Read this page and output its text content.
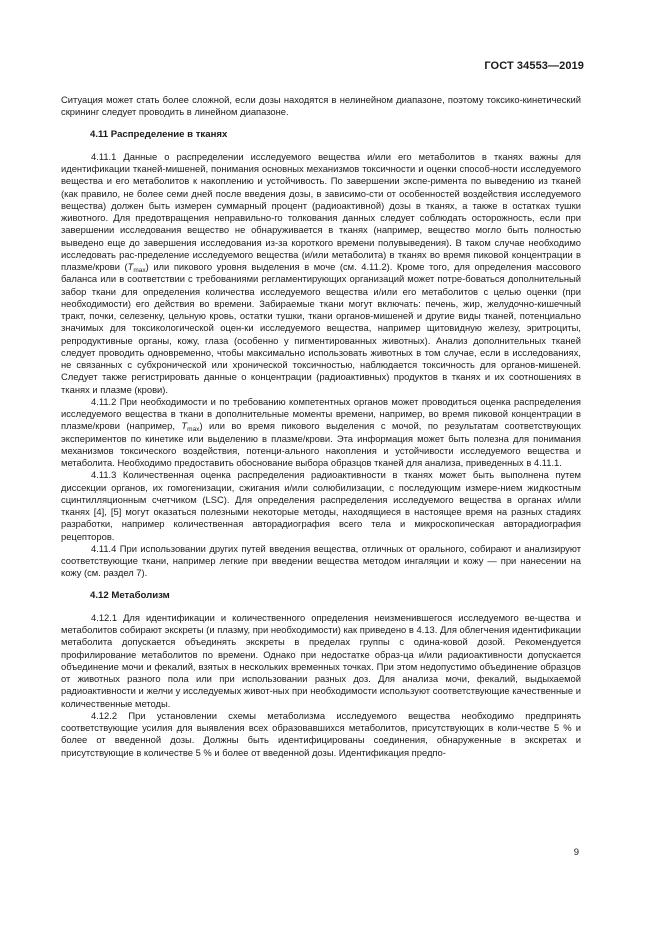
ГОСТ 34553—2019

Ситуация может стать более сложной, если дозы находятся в нелинейном диапазоне, поэтому токсико-кинетический скрининг следует проводить в линейном диапазоне.

4.11 Распределение в тканях

4.11.1 Данные о распределении исследуемого вещества и/или его метаболитов в тканях важны для идентификации тканей-мишеней, понимания основных механизмов токсичности и оценки способ-ности исследуемого вещества и его метаболитов к накоплению и устойчивость. По завершении экспе-римента по выведению из тканей (как правило, не более семи дней после введения дозы, в зависимо-сти от особенностей воздействия исследуемого вещества) должен быть измерен суммарный процент (радиоактивной) дозы в тканях, а также в остатках тушки животного. Для предотвращения неправильно-го толкования данных следует соблюдать осторожность, если при завершении исследования вещество не обнаруживается в тканях (например, вещество могло быть полностью выведено еще до завершения исследования из-за короткого времени полувыведения). В таком случае необходимо исследовать рас-пределение исследуемого вещества (и/или метаболита) в тканях во время пиковой концентрации в плазме/крови $(T_{max})$ или пикового уровня выделения в моче (см. 4.11.2). Кроме того, для определения массового баланса или в соответствии с требованиями регламентирующих организаций может потре-боваться дополнительный забор ткани для определения количества исследуемого вещества и/или его метаболитов с целью оценки (при необходимости) его действия во времени. Забираемые ткани могут включать: печень, жир, желудочно-кишечный тракт, почки, селезенку, цельную кровь, остатки тушки, ткани органов-мишеней и другие виды тканей, потенциально значимых для токсикологической оцен-ки исследуемого вещества, например щитовидную железу, эритроциты, репродуктивные органы, кожу, глаза (особенно у пигментированных животных). Анализ дополнительных тканей следует проводить одновременно, чтобы максимально использовать животных в том случае, если в исследованиях, не связанных с субхронической или хронической токсичностью, наблюдается токсичность для органов-мишеней. Следует также регистрировать данные о концентрации (радиоактивных) продуктов в тканях и их соотношениях в тканях и плазме (крови).

4.11.2 При необходимости и по требованию компетентных органов может проводиться оценка распределения исследуемого вещества в ткани в дополнительные моменты времени, например, во время пиковой концентрации в плазме/крови (например, $T_{max}$) или во время пикового выделения с мочой, по результатам соответствующих экспериментов по кинетике или выделению в плазме/крови. Эта информация может быть полезна для понимания механизмов токсического воздействия, потенци-ального накопления и устойчивости исследуемого вещества и метаболита. Необходимо предоставить обоснование выбора образцов тканей для анализа, приведенных в 4.11.1.

4.11.3 Количественная оценка распределения радиоактивности в тканях может быть выполнена путем диссекции органов, их гомогенизации, сжигания и/или солюбилизации, с последующим измере-нием жидкостным сцинтилляционным счетчиком (LSC). Для определения распределения исследуемого вещества в органах и/или тканях [4], [5] могут оказаться полезными некоторые методы, находящиеся в настоящее время на разных стадиях разработки, например количественная авторадиография всего тела и микроскопическая авторадиография рецепторов.

4.11.4 При использовании других путей введения вещества, отличных от орального, собирают и анализируют соответствующие ткани, например легкие при введении вещества методом ингаляции и кожу — при нанесении на кожу (см. раздел 7).

4.12 Метаболизм

4.12.1 Для идентификации и количественного определения неизменившегося исследуемого ве-щества и метаболитов собирают экскреты (и плазму, при необходимости) как приведено в 4.13. Для облегчения идентификации метаболита допускается объединять экскреты в пределах группы с одина-ковой дозой. Рекомендуется профилирование метаболитов по времени. Однако при недостатке образ-ца и/или радиоактивности допускается объединение мочи и фекалий, взятых в нескольких временных точках. При этом недопустимо объединение образцов от животных разного пола или при использовании разных доз. Для анализа мочи, фекалий, выдыхаемой радиоактивности и желчи у исследуемых живот-ных при необходимости используют соответствующие качественные и количественные методы.

4.12.2 При установлении схемы метаболизма исследуемого вещества необходимо предпринять соответствующие усилия для выявления всех образовавшихся метаболитов, присутствующих в коли-честве 5 % и более от введенной дозы. Должны быть идентифицированы соединения, обнаруженные в экскретах и присутствующие в количестве 5 % и более от введенной дозы. Идентификация предпо-

9
